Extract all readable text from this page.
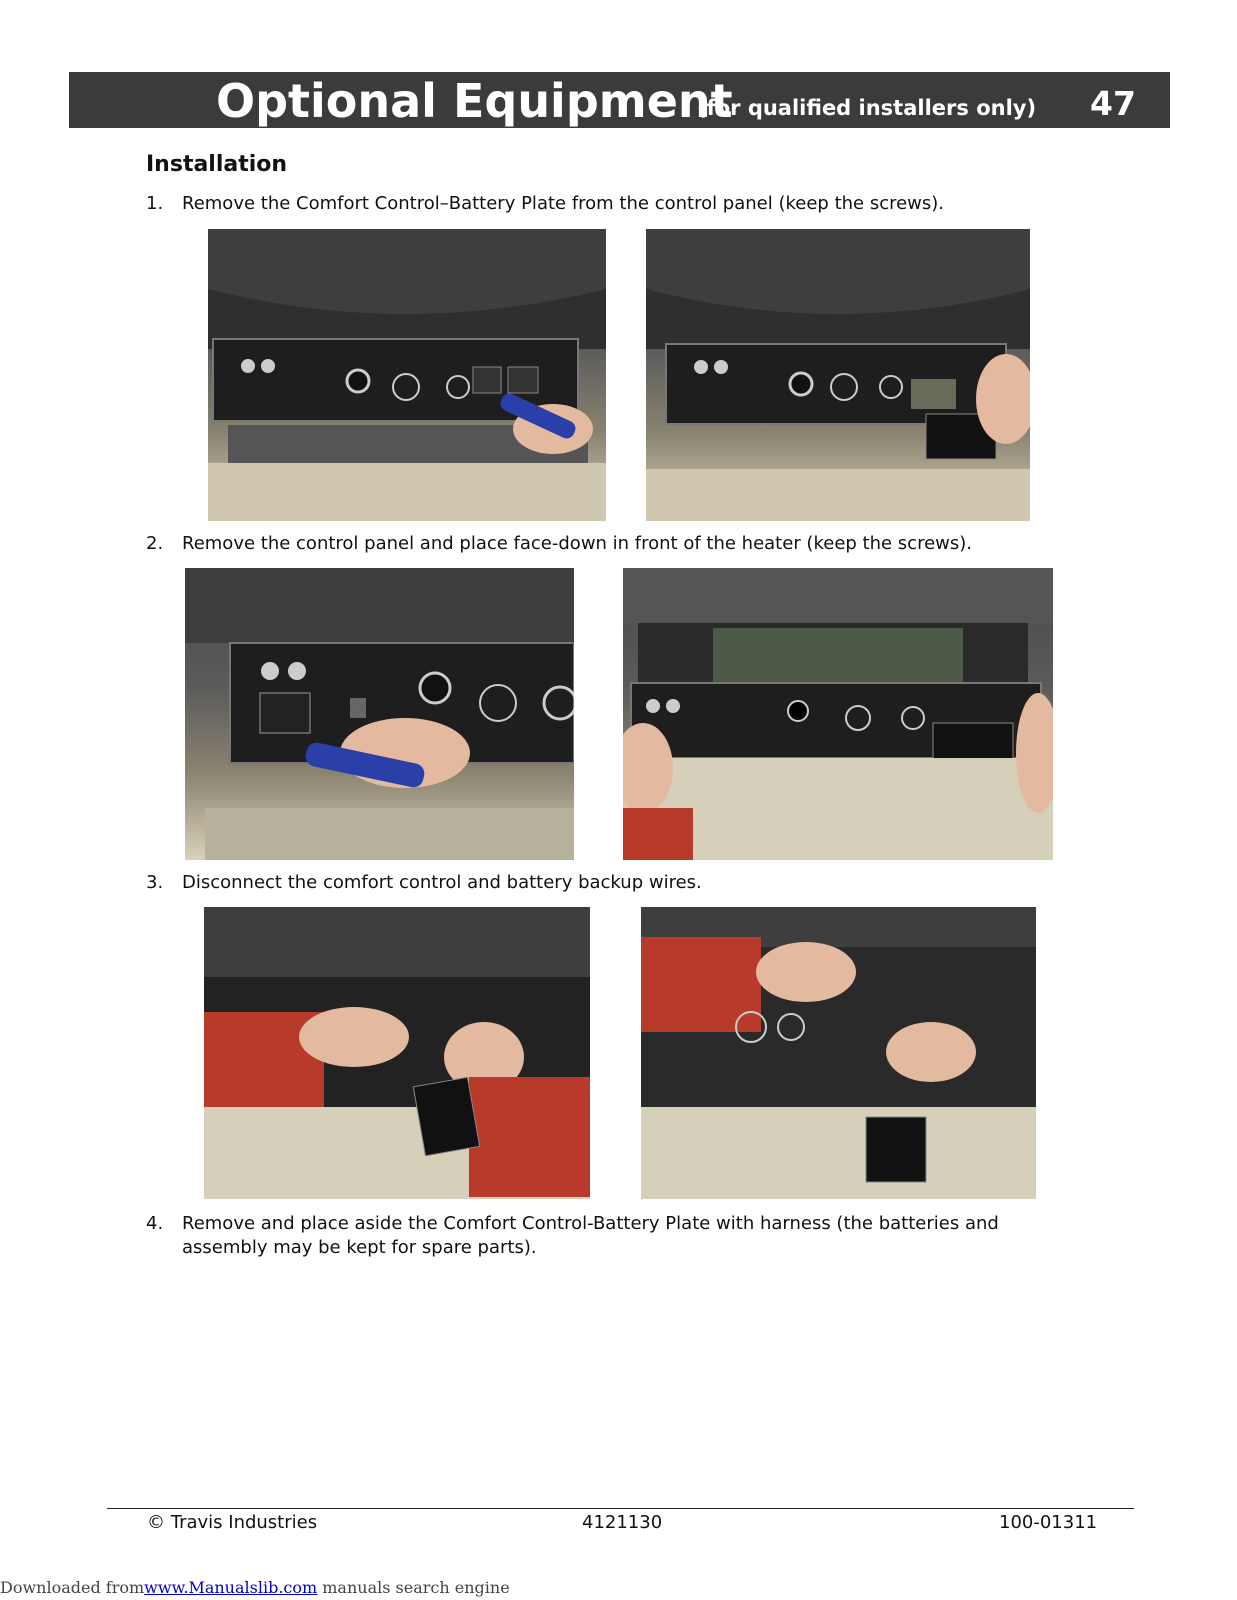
Optional Equipment
(for qualified installers only) 47
Installation
1.	Remove the Comfort Control–Battery Plate from the control panel (keep the screws).
2.	Remove the control panel and place face-down in front of the heater (keep the screws).
3.	Disconnect the comfort control and battery backup wires.
4.	Remove and place aside the Comfort Control-Battery Plate with harness (the batteries and assembly may be kept for spare parts).
© Travis Industries	4121130	100-01311
Downloaded fromwww.Manualslib.com manuals search engine
